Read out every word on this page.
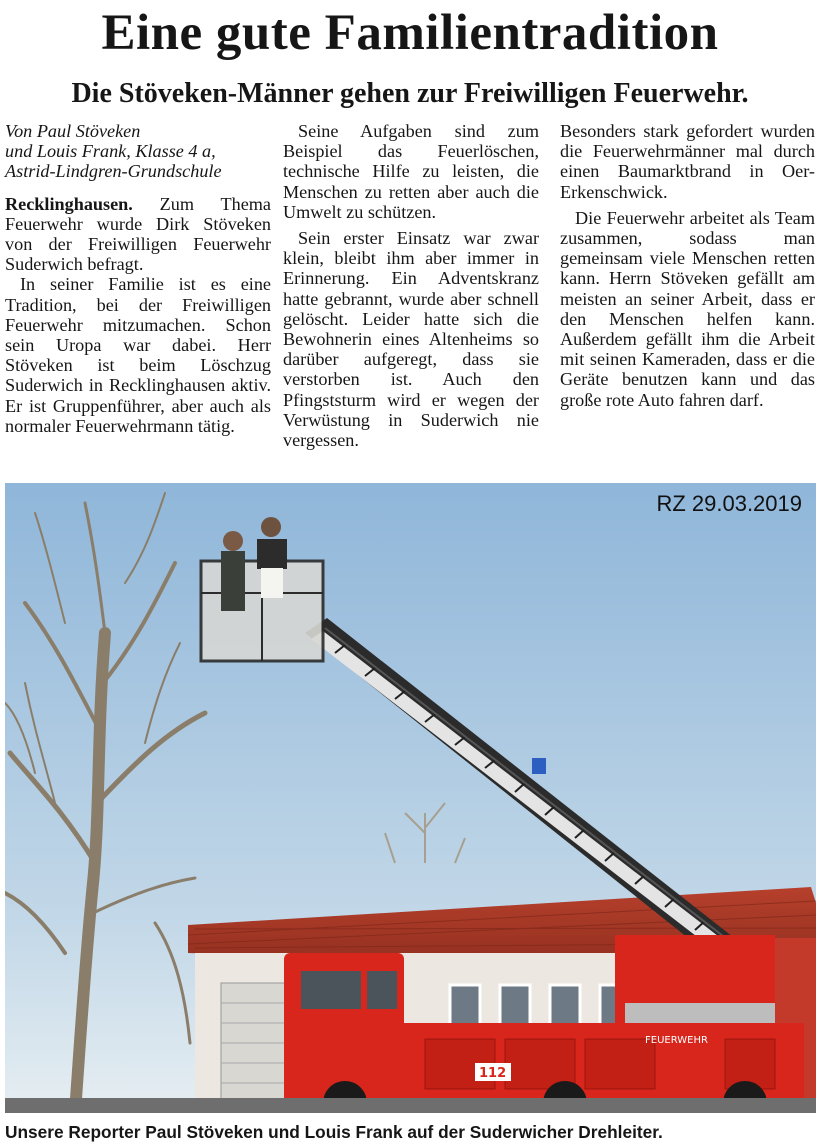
Eine gute Familientradition
Die Stöveken-Männer gehen zur Freiwilligen Feuerwehr.
Von Paul Stöveken
und Louis Frank, Klasse 4 a,
Astrid-Lindgren-Grundschule

Recklinghausen. Zum Thema Feuerwehr wurde Dirk Stöveken von der Freiwilligen Feuerwehr Suderwich befragt.

In seiner Familie ist es eine Tradition, bei der Freiwilligen Feuerwehr mitzumachen. Schon sein Uropa war dabei. Herr Stöveken ist beim Löschzug Suderwich in Recklinghausen aktiv. Er ist Gruppenführer, aber auch als normaler Feuerwehrmann tätig.

Seine Aufgaben sind zum Beispiel das Feuerlöschen, technische Hilfe zu leisten, die Menschen zu retten aber auch die Umwelt zu schützen.

Sein erster Einsatz war zwar klein, bleibt ihm aber immer in Erinnerung. Ein Adventskranz hatte gebrannt, wurde aber schnell gelöscht. Leider hatte sich die Bewohnerin eines Altenheims so darüber aufgeregt, dass sie verstorben ist. Auch den Pfingststurm wird er wegen der Verwüstung in Suderwich nie vergessen.

Besonders stark gefordert wurden die Feuerwehrmänner mal durch einen Baumarktbrand in Oer-Erkenschwick.

Die Feuerwehr arbeitet als Team zusammen, sodass man gemeinsam viele Menschen retten kann. Herrn Stöveken gefällt am meisten an seiner Arbeit, dass er den Menschen helfen kann. Außerdem gefällt ihm die Arbeit mit seinen Kameraden, dass er die Geräte benutzen kann und das große rote Auto fahren darf.

FEUERWEHR
112
RZ 29.03.2019
Unsere Reporter Paul Stöveken und Louis Frank auf der Suderwicher Drehleiter.
